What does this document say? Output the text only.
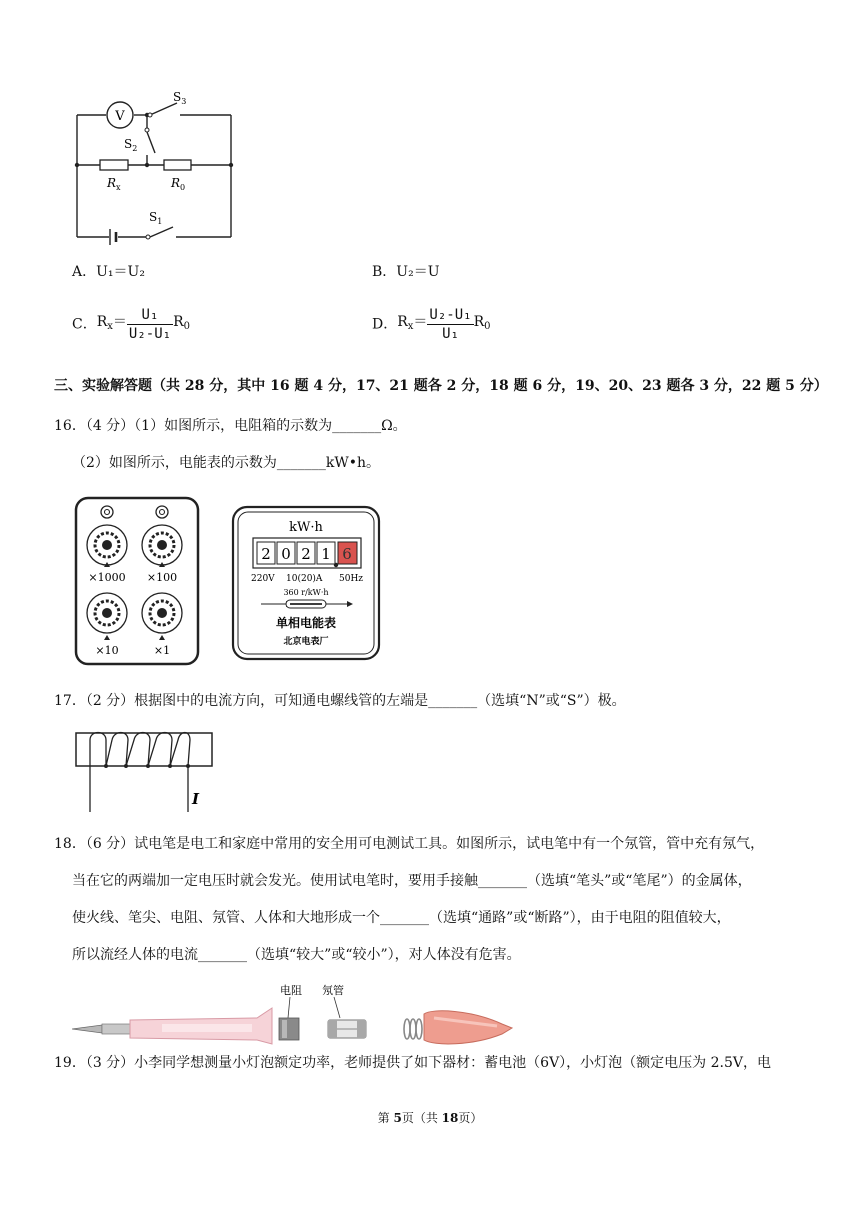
V
$S_3$
$S_2$
$S_1$
$R_x$	$R_0$
A．U₁＝U₂	B．U₂＝U
C．$R_x= \frac{\text{U₁}}{\text{U₂-U₁}} R_0$	D．$R_x= \frac{\text{U₂-U₁}}{\text{U₁}} R_0$
三、实验解答题（共 28 分，其中 16 题 4 分，17、21 题各 2 分，18 题 6 分，19、20、23 题各 3 分，22 题 5 分）
16．（4 分）（1）如图所示，电阻箱的示数为_______Ω。
（2）如图所示，电能表的示数为_______kW•h。
×1000 ×100
×10	×1
kW·h
2 0 2 1 6
220V 10(20)A 50Hz
360 r/kW·h
单相电能表
北京电表厂
17．（2 分）根据图中的电流方向，可知通电螺线管的左端是_______（选填“N”或“S”）极。
I
18．（6 分）试电笔是电工和家庭中常用的安全用可电测试工具。如图所示，试电笔中有一个氖管，管中充有氖气，
当在它的两端加一定电压时就会发光。使用试电笔时，要用手接触_______（选填“笔头”或“笔尾”）的金属体，
使火线、笔尖、电阻、氖管、人体和大地形成一个_______（选填“通路”或“断路”），由于电阻的阻值较大，
所以流经人体的电流_______（选填“较大”或“较小”），对人体没有危害。
电阻 氖管
19．（3 分）小李同学想测量小灯泡额定功率，老师提供了如下器材：蓄电池（6V），小灯泡（额定电压为 2.5V，电
第 5页（共 18页）
